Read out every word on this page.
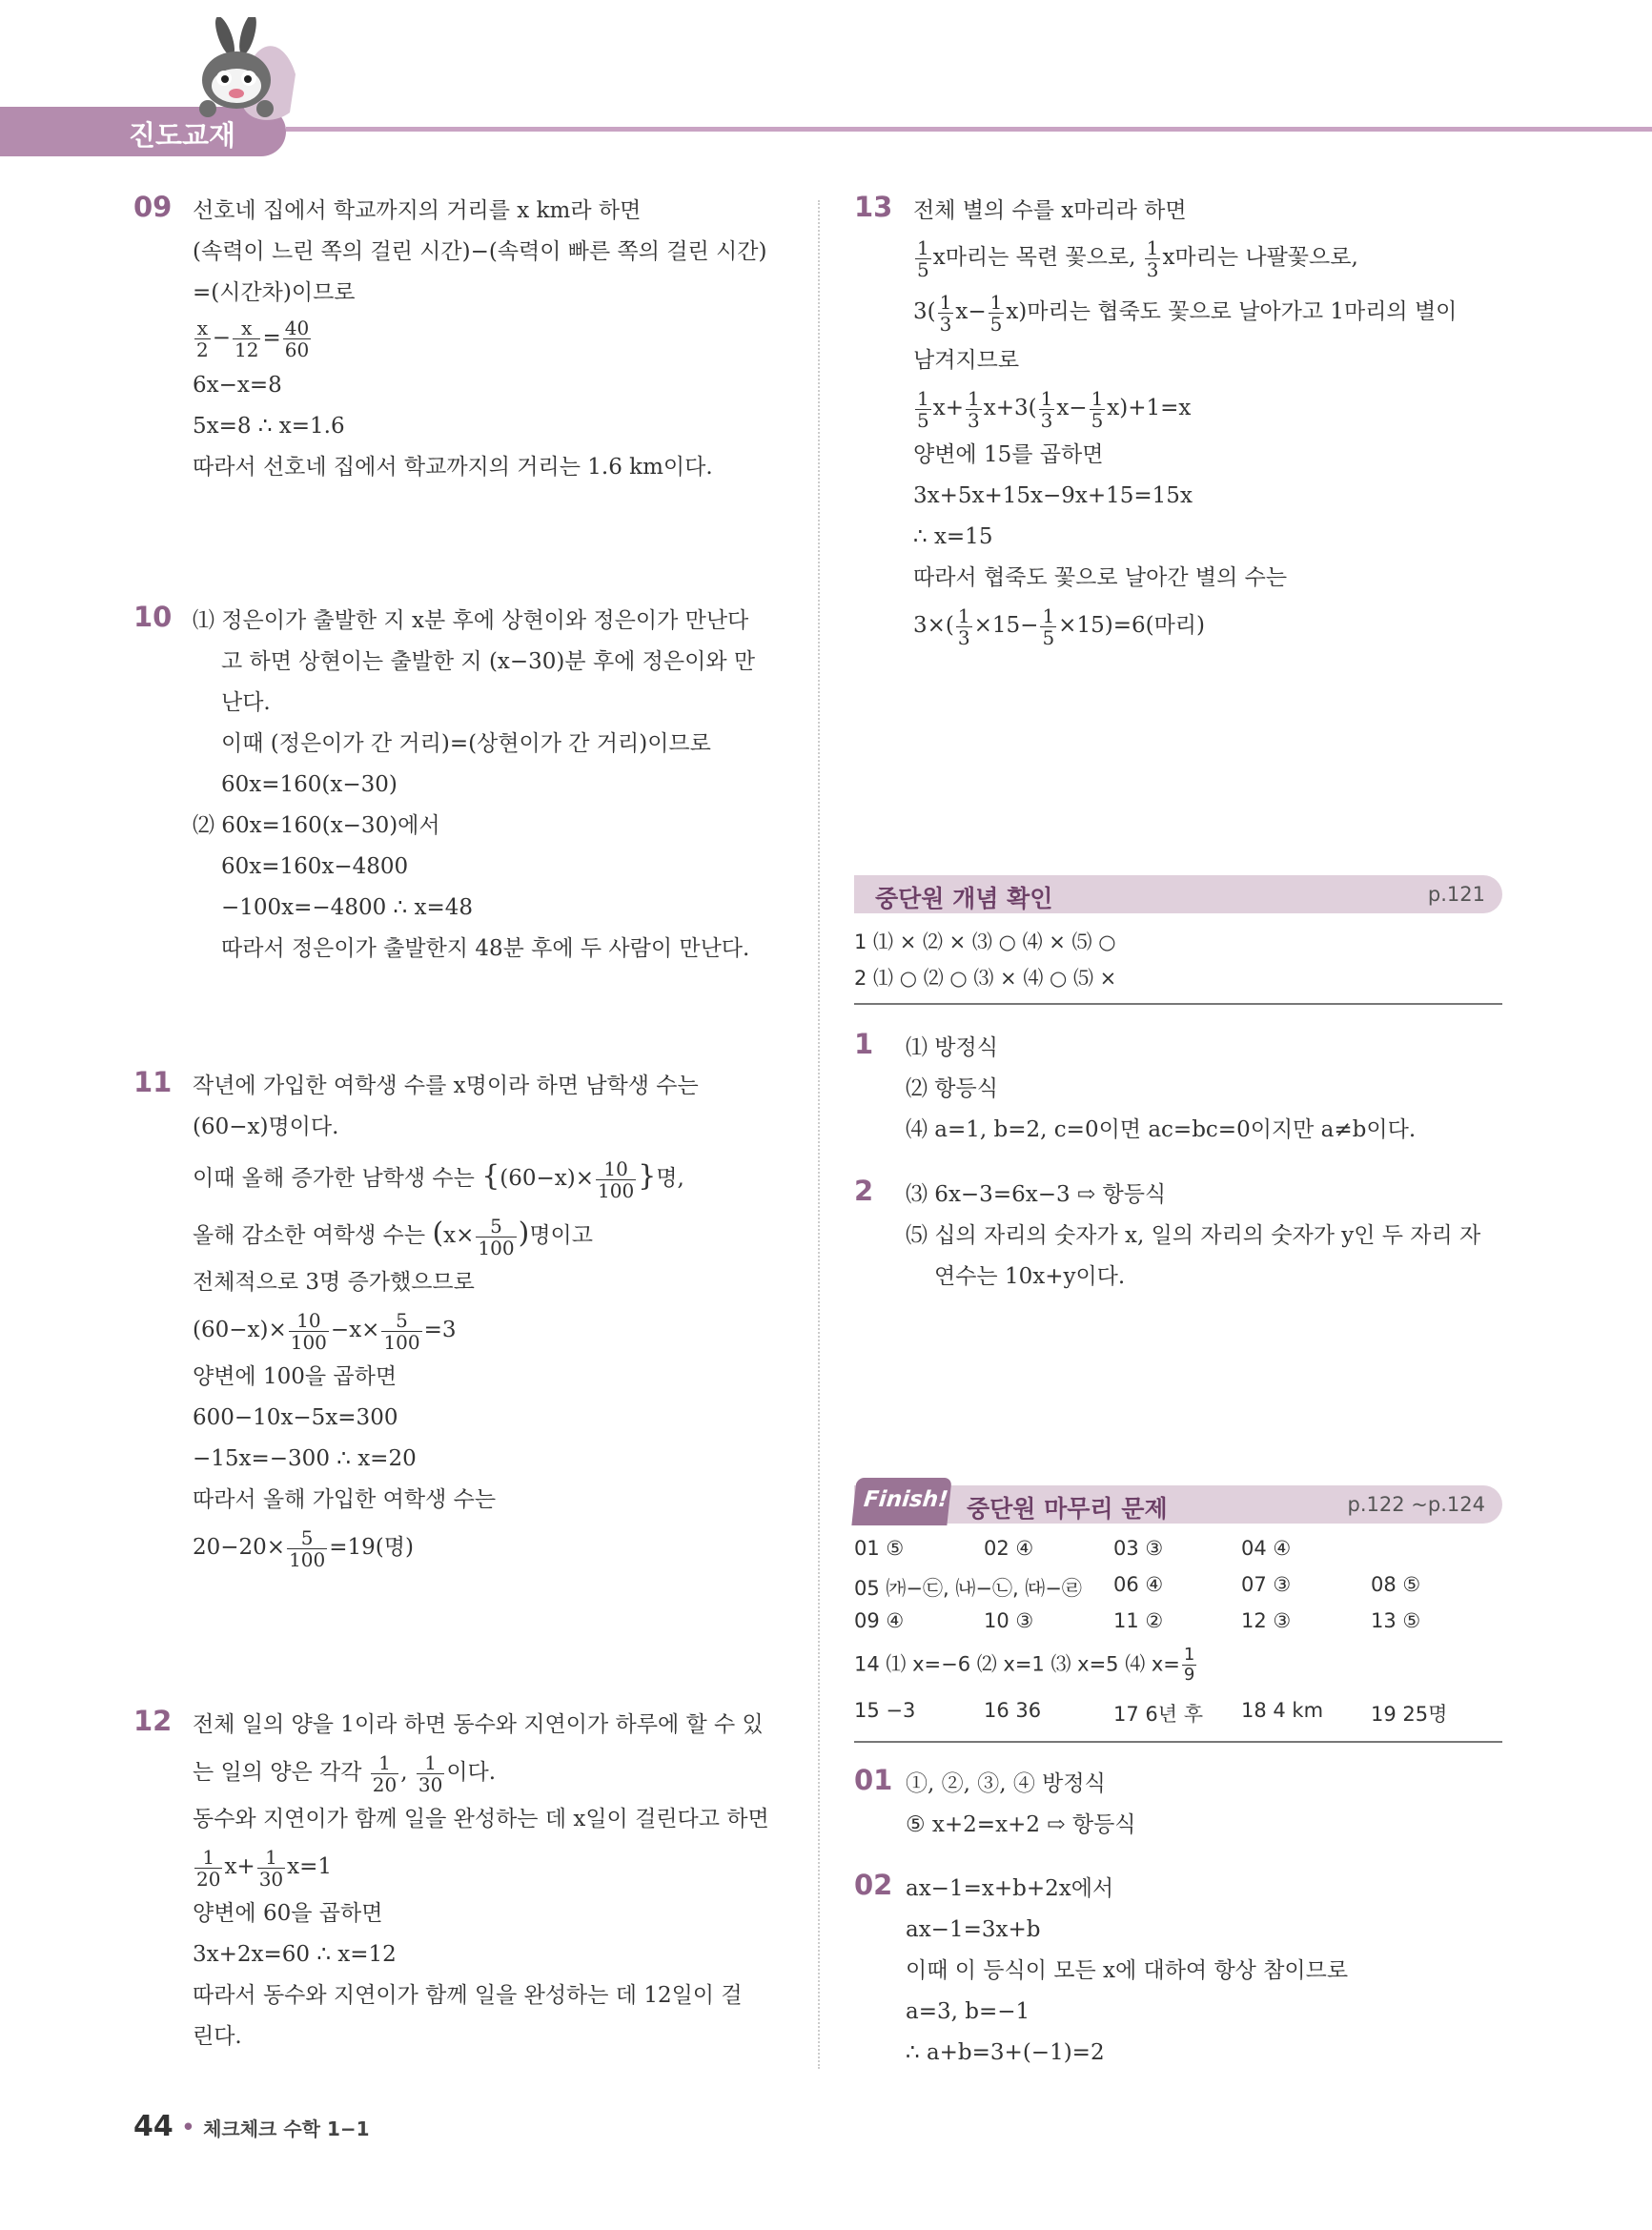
진도교재
09 선호네 집에서 학교까지의 거리를 x km라 하면
(속력이 느린 쪽의 걸린 시간)−(속력이 빠른 쪽의 걸린 시간)
=(시간차)이므로
$\frac{x}{2} - \frac{x}{12} = \frac{40}{60}$
6x−x=8
5x=8 ∴ x=1.6
따라서 선호네 집에서 학교까지의 거리는 1.6 km이다.
10 ⑴ 정은이가 출발한 지 x분 후에 상현이와 정은이가 만난다
고 하면 상현이는 출발한 지 (x−30)분 후에 정은이와 만
난다.
이때 (정은이가 간 거리)=(상현이가 간 거리)이므로
60x=160(x−30)
⑵ 60x=160(x−30)에서
60x=160x−4800
−100x=−4800 ∴ x=48
따라서 정은이가 출발한지 48분 후에 두 사람이 만난다.
11 작년에 가입한 여학생 수를 x명이라 하면 남학생 수는
(60−x)명이다.
이때 올해 증가한 남학생 수는 {$(60-x)\times \frac{10}{100}$ }명,
올해 감소한 여학생 수는 ($x\times \frac{5}{100}$ )명이고
전체적으로 3명 증가했으므로
$(60-x)\times \frac{10}{100} -x\times \frac{5}{100} =3$
양변에 100을 곱하면
600−10x−5x=300
−15x=−300 ∴ x=20
따라서 올해 가입한 여학생 수는
$20-20\times \frac{5}{100} =19$(명)
12 전체 일의 양을 1이라 하면 동수와 지연이가 하루에 할 수 있
는 일의 양은 각각 $\frac{1}{20}$ , $\frac{1}{30}$ 이다.
동수와 지연이가 함께 일을 완성하는 데 x일이 걸린다고 하면
$\frac{1}{20} x+ \frac{1}{30} x=1$
양변에 60을 곱하면
3x+2x=60 ∴ x=12
따라서 동수와 지연이가 함께 일을 완성하는 데 12일이 걸
린다.
13 전체 별의 수를 x마리라 하면
$\frac{1}{5}$ x마리는 목련 꽃으로, $\frac{1}{3}$ x마리는 나팔꽃으로,
$3( \frac{1}{3} x- \frac{1}{5} x)$마리는 협죽도 꽃으로 날아가고 1마리의 별이
남겨지므로
$\frac{1}{5} x+ \frac{1}{3} x+3( \frac{1}{3} x- \frac{1}{5} x)+1=x$
양변에 15를 곱하면
3x+5x+15x−9x+15=15x
∴ x=15
따라서 협죽도 꽃으로 날아간 별의 수는
$3\times( \frac{1}{3} \times 15- \frac{1}{5} \times 15)=6$(마리)
중단원 개념 확인	p.121
1 ⑴ × ⑵ × ⑶ ○ ⑷ × ⑸ ○
2 ⑴ ○ ⑵ ○ ⑶ × ⑷ ○ ⑸ ×
1 ⑴ 방정식
⑵ 항등식
⑷ a=1, b=2, c=0이면 ac=bc=0이지만 a≠b이다.
2 ⑶ 6x−3=6x−3 ⇨ 항등식
⑸ 십의 자리의 숫자가 x, 일의 자리의 숫자가 y인 두 자리 자
연수는 10x+y이다.
Finish! 중단원 마무리 문제	p.122 ~p.124
01 ⑤	02 ④	03 ③	04 ④
05 ㈎−㉢, ㈏−㉡, ㈐−㉣ 06 ④	07 ③	08 ⑤
09 ④	10 ③	11 ②	12 ③	13 ⑤
14 ⑴ x=−6 ⑵ x=1 ⑶ x=5 ⑷ $x= \frac{1}{9}$
15 −3	16 36	17 6년 후 18 4 km 19 25명
01 ①, ②, ③, ④ 방정식
⑤ x+2=x+2 ⇨ 항등식
02 ax−1=x+b+2x에서
ax−1=3x+b
이때 이 등식이 모든 x에 대하여 항상 참이므로
a=3, b=−1
∴ a+b=3+(−1)=2
44 • 체크체크 수학 1−1
